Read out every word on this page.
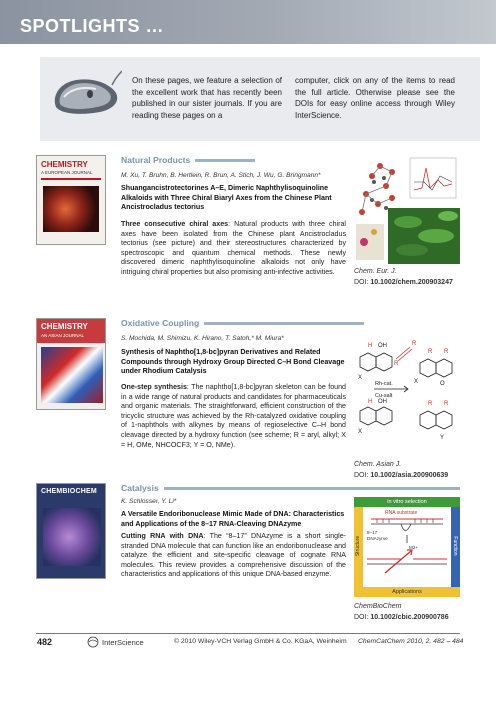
SPOTLIGHTS …
On these pages, we feature a selection of the excellent work that has recently been published in our sister journals. If you are reading these pages on a
computer, click on any of the items to read the full article. Otherwise please see the DOIs for easy online access through Wiley InterScience.
CHEMISTRY
A EUROPEAN JOURNAL
Natural Products
M. Xu, T. Bruhn, B. Hertlein, R. Brun, A. Stich, J. Wu, G. Bringmann*
Shuangancistrotectorines A–E, Dimeric Naphthylisoquinoline Alkaloids with Three Chiral Biaryl Axes from the Chinese Plant Ancistrocladus tectorius
Three consecutive chiral axes: Natural products with three chiral axes have been isolated from the Chinese plant Ancistrocladus tectorius (see picture) and their stereostructures characterized by spectroscopic and quantum chemical methods. These newly discovered dimeric naphthylisoquinoline alkaloids not only have intriguing chiral properties but also promising anti-infective activities.	Chem. Eur. J.
DOI: 10.1002/chem.200903247
CHEMISTRY
AN ASIAN JOURNAL
Oxidative Coupling
S. Mochida, M. Shimizu, K. Hirano, T. Satoh,* M. Miura*
Synthesis of Naphtho[1,8-bc]pyran Derivatives and Related Compounds through Hydroxy Group Directed C–H Bond Cleavage under Rhodium Catalysis
One-step synthesis: The naphtho[1,8-bc]pyran skeleton can be found in a wide range of natural products and candidates for pharmaceuticals and organic materials. The straightforward, efficient construction of the tricyclic structure was achieved by the Rh-catalyzed oxidative coupling of 1-naphthols with alkynes by means of regioselective C–H bond cleavage directed by a hydroxy function (see scheme; R = aryl, alkyl; X = H, OMe, NHCOCF3; Y = O, NMe).
H OH	R
R
X
Rh-cat.
Cu-salt
H OH
X
R R
X	O
R R
Y
Chem. Asian J.
DOI: 10.1002/asia.200900639
CHEMBIOCHEM	Catalysis
K. Schlosser, Y. Li*
A Versatile Endoribonuclease Mimic Made of DNA: Characteristics and Applications of the 8–17 RNA-Cleaving DNAzyme
Cutting RNA with DNA: The “8–17” DNAzyme is a short single-stranded DNA molecule that can function like an endoribonuclease and catalyze the efficient and site-specific cleavage of cognate RNA molecules. This review provides a comprehensive discussion of the characteristics and applications of this unique DNA-based enzyme.
in vitro selection
Structure	Function
Applications
RNA substrate
8–17 DNAzyme
M2+
ChemBioChem
DOI: 10.1002/cbic.200900786
482	InterScience	© 2010 Wiley-VCH Verlag GmbH & Co. KGaA, Weinheim ChemCatChem 2010, 2, 482 – 484
